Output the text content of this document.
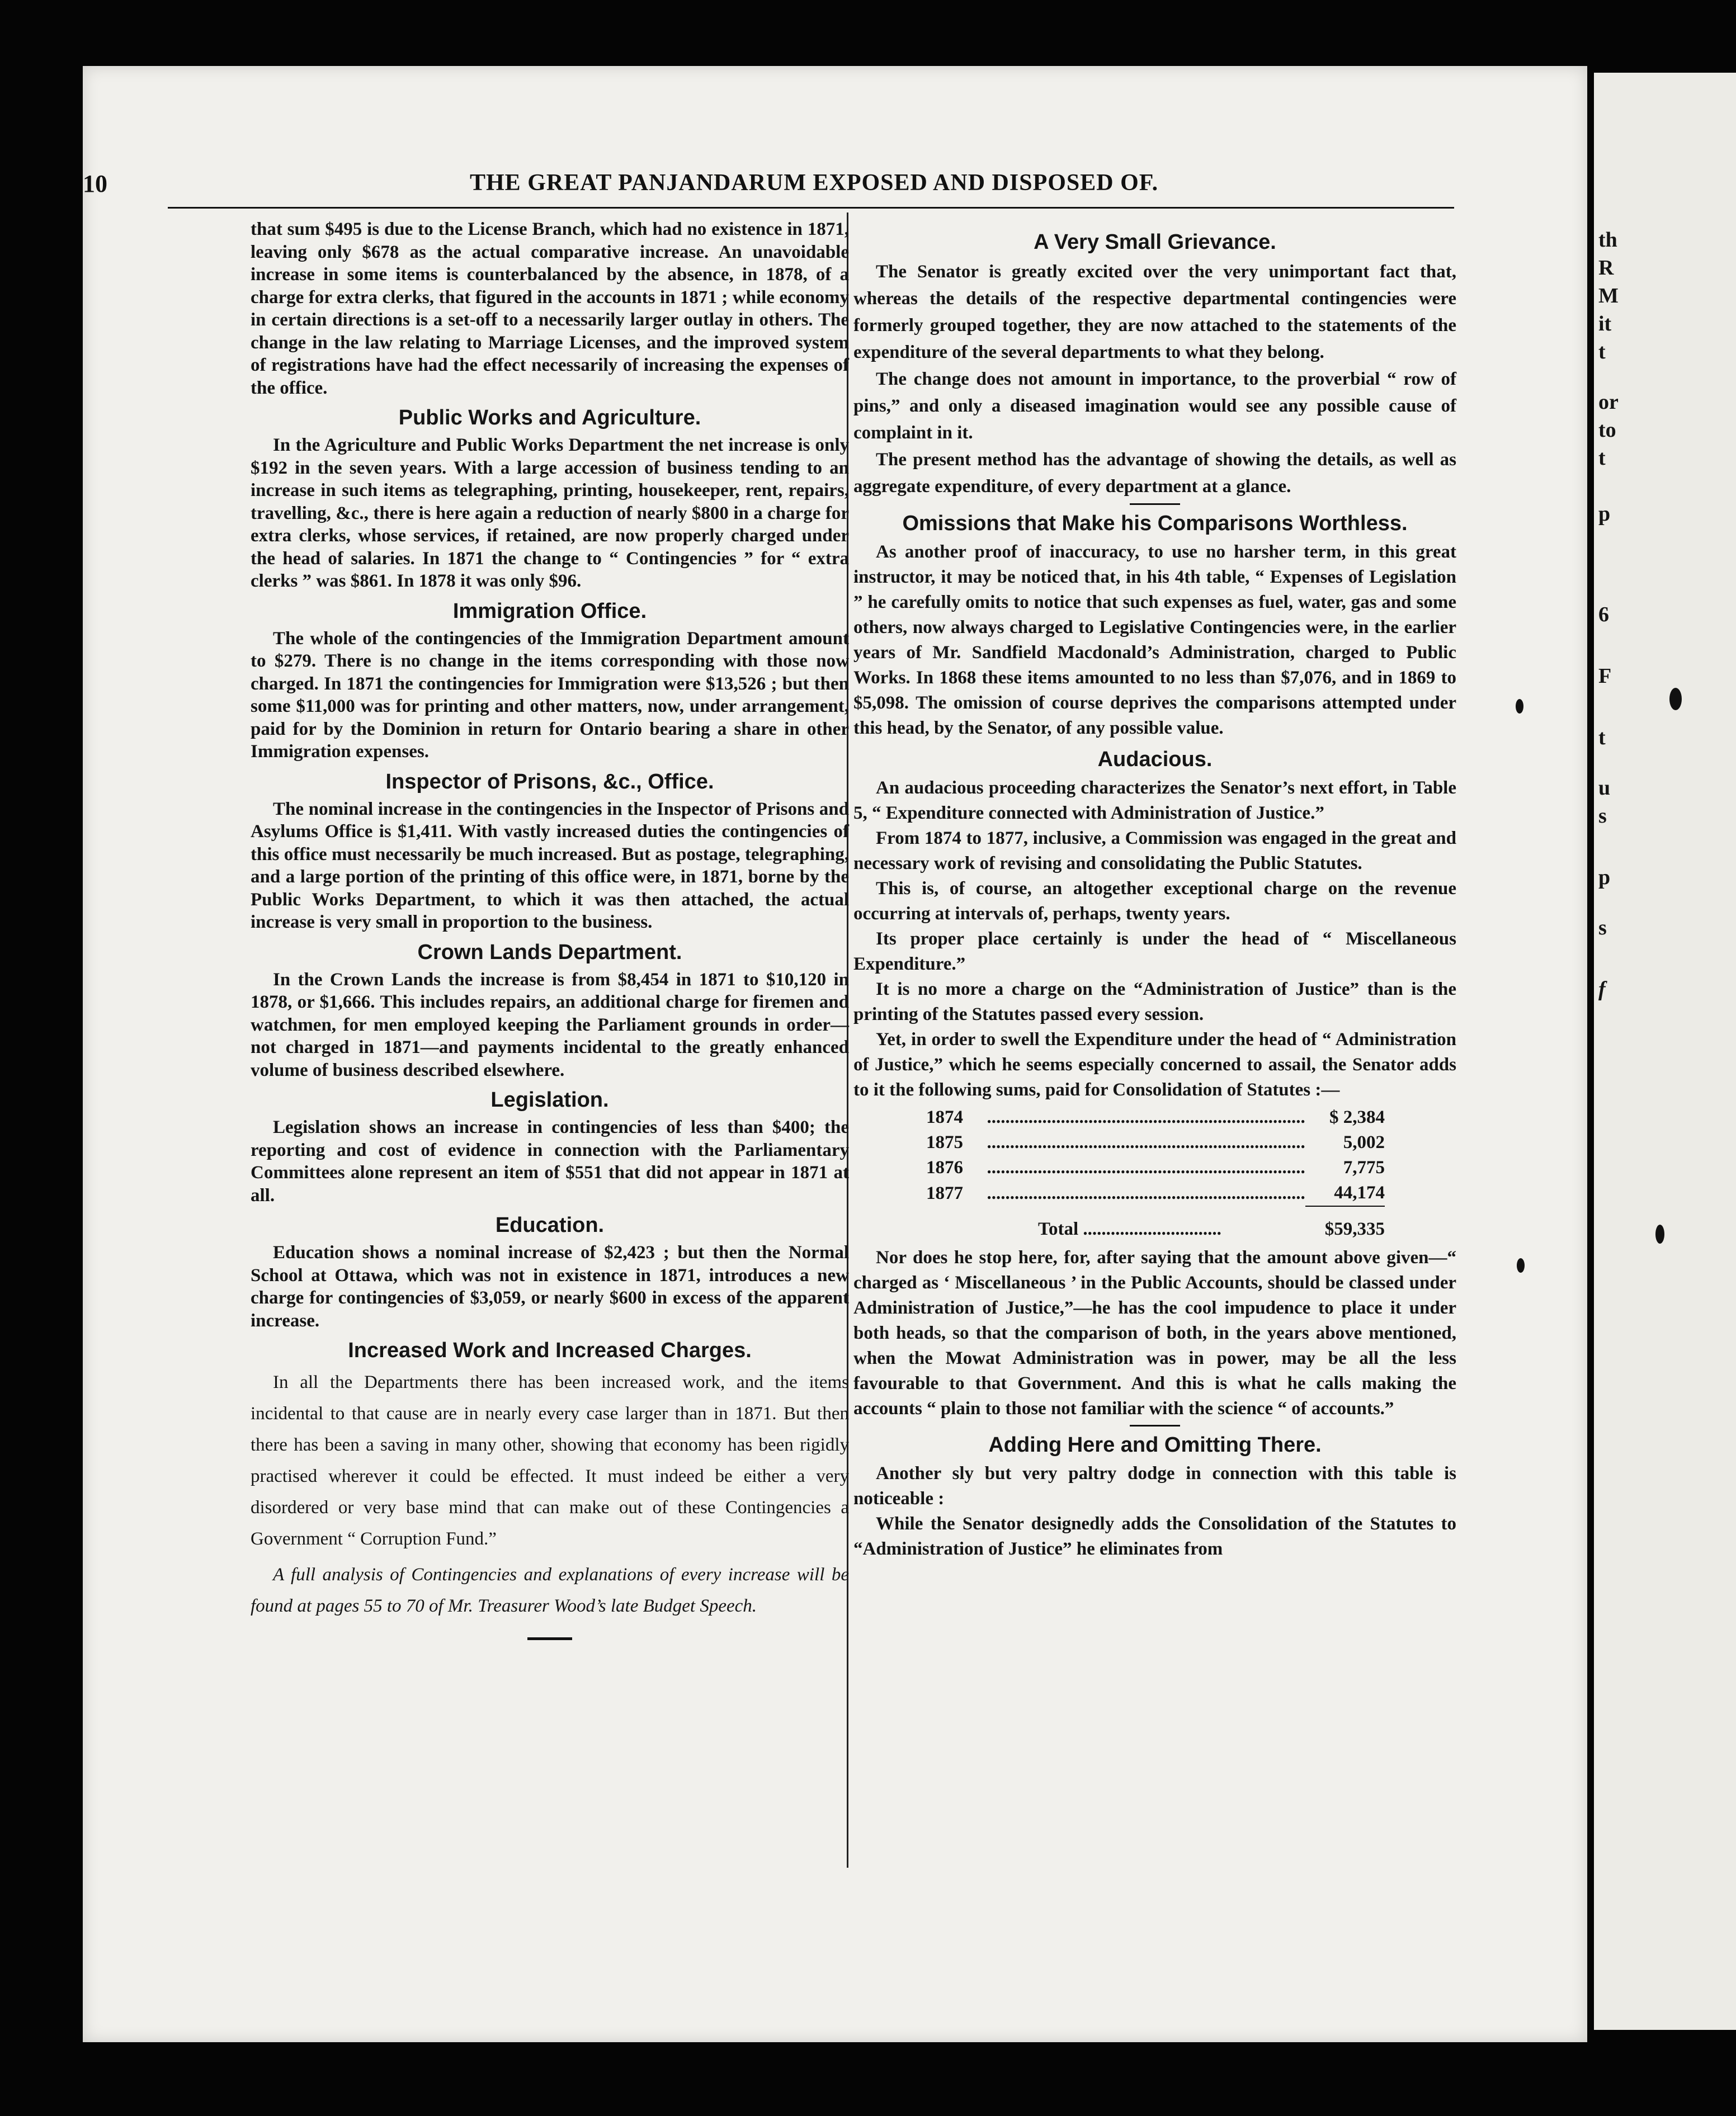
th
R
M
it
t
or
to
t
p
6
F
t
u
s
p
s
f
10	THE GREAT PANJANDARUM EXPOSED AND DISPOSED OF.

that sum $495 is due to the License Branch, which had no existence in 1871, leaving only $678 as the actual comparative increase. An unavoidable increase in some items is counterbalanced by the absence, in 1878, of a charge for extra clerks, that figured in the accounts in 1871 ; while economy in certain directions is a set-off to a necessarily larger outlay in others. The change in the law relating to Marriage Licenses, and the improved system of registrations have had the effect necessarily of increasing the expenses of the office.

Public Works and Agriculture.

In the Agriculture and Public Works Department the net increase is only $192 in the seven years. With a large accession of business tending to an increase in such items as telegraphing, printing, housekeeper, rent, repairs, travelling, &c., there is here again a reduction of nearly $800 in a charge for extra clerks, whose services, if retained, are now properly charged under the head of salaries. In 1871 the change to “ Contingencies ” for “ extra clerks ” was $861. In 1878 it was only $96.

Immigration Office.

The whole of the contingencies of the Immigration Department amount to $279. There is no change in the items corresponding with those now charged. In 1871 the contingencies for Immigration were $13,526 ; but then some $11,000 was for printing and other matters, now, under arrangement, paid for by the Dominion in return for Ontario bearing a share in other Immigration expenses.

Inspector of Prisons, &c., Office.

The nominal increase in the contingencies in the Inspector of Prisons and Asylums Office is $1,411. With vastly increased duties the contingencies of this office must necessarily be much increased. But as postage, telegraphing, and a large portion of the printing of this office were, in 1871, borne by the Public Works Department, to which it was then attached, the actual increase is very small in proportion to the business.

Crown Lands Department.

In the Crown Lands the increase is from $8,454 in 1871 to $10,120 in 1878, or $1,666. This includes repairs, an additional charge for firemen and watchmen, for men employed keeping the Parliament grounds in order—not charged in 1871—and payments incidental to the greatly enhanced volume of business described elsewhere.

Legislation.

Legislation shows an increase in contingencies of less than $400; the reporting and cost of evidence in connection with the Parliamentary Committees alone represent an item of $551 that did not appear in 1871 at all.

Education.

Education shows a nominal increase of $2,423 ; but then the Normal School at Ottawa, which was not in existence in 1871, introduces a new charge for contingencies of $3,059, or nearly $600 in excess of the apparent increase.

Increased Work and Increased Charges.

In all the Departments there has been increased work, and the items incidental to that cause are in nearly every case larger than in 1871. But then there has been a saving in many other, showing that economy has been rigidly practised wherever it could be effected. It must indeed be either a very disordered or very base mind that can make out of these Contingencies a Government “ Corruption Fund.”

A full analysis of Contingencies and explanations of every increase will be found at pages 55 to 70 of Mr. Treasurer Wood’s late Budget Speech.

A Very Small Grievance.

The Senator is greatly excited over the very unimportant fact that, whereas the details of the respective departmental contingencies were formerly grouped together, they are now attached to the statements of the expenditure of the several departments to what they belong.

The change does not amount in importance, to the proverbial “ row of pins,” and only a diseased imagination would see any possible cause of complaint in it.

The present method has the advantage of showing the details, as well as aggregate expenditure, of every department at a glance.

Omissions that Make his Comparisons Worthless.

As another proof of inaccuracy, to use no harsher term, in this great instructor, it may be noticed that, in his 4th table, “ Expenses of Legislation ” he carefully omits to notice that such expenses as fuel, water, gas and some others, now always charged to Legislative Contingencies were, in the earlier years of Mr. Sandfield Macdonald’s Administration, charged to Public Works. In 1868 these items amounted to no less than $7,076, and in 1869 to $5,098. The omission of course deprives the comparisons attempted under this head, by the Senator, of any possible value.

Audacious.

An audacious proceeding characterizes the Senator’s next effort, in Table 5, “ Expenditure connected with Administration of Justice.”

From 1874 to 1877, inclusive, a Commission was engaged in the great and necessary work of revising and consolidating the Public Statutes.

This is, of course, an altogether exceptional charge on the revenue occurring at intervals of, perhaps, twenty years.

Its proper place certainly is under the head of “ Miscellaneous Expenditure.”

It is no more a charge on the “Administration of Justice” than is the printing of the Statutes passed every session.

Yet, in order to swell the Expenditure under the head of “ Administration of Justice,” which he seems especially concerned to assail, the Senator adds to it the following sums, paid for Consolidation of Statutes :—

1874	.....................................................................	$ 2,384
1875	.....................................................................	5,002
1876	.....................................................................	7,775
1877	.....................................................................	44,174
Total ..............................		$59,335

Nor does he stop here, for, after saying that the amount above given—“ charged as ‘ Miscellaneous ’ in the Public Accounts, should be classed under Administration of Justice,”—he has the cool impudence to place it under both heads, so that the comparison of both, in the years above mentioned, when the Mowat Administration was in power, may be all the less favourable to that Government. And this is what he calls making the accounts “ plain to those not familiar with the science “ of accounts.”

Adding Here and Omitting There.

Another sly but very paltry dodge in connection with this table is noticeable :

While the Senator designedly adds the Consolidation of the Statutes to “Administration of Justice” he eliminates from
